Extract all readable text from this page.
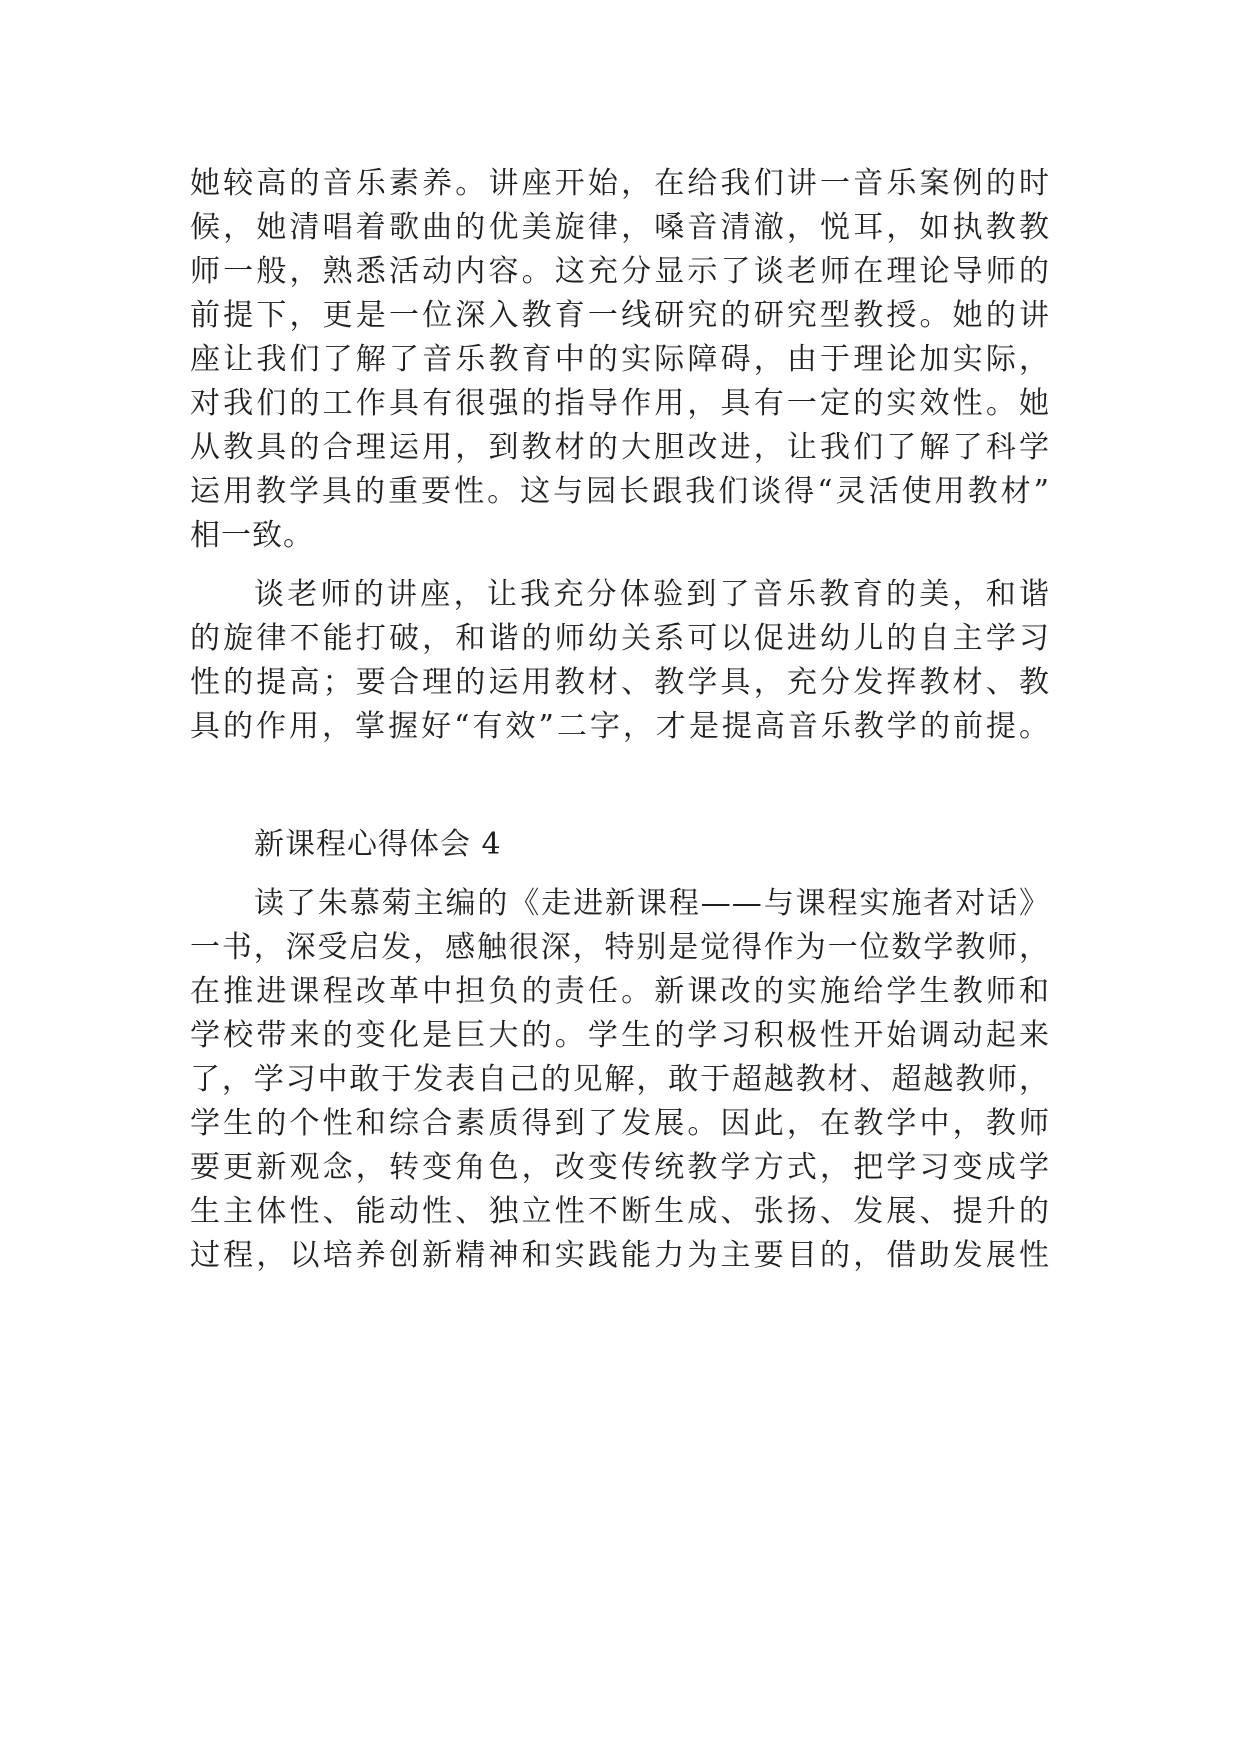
她较高的音乐素养。讲座开始，在给我们讲一音乐案例的时
候，她清唱着歌曲的优美旋律，嗓音清澈，悦耳，如执教教
师一般，熟悉活动内容。这充分显示了谈老师在理论导师的
前提下，更是一位深入教育一线研究的研究型教授。她的讲
座让我们了解了音乐教育中的实际障碍，由于理论加实际，
对我们的工作具有很强的指导作用，具有一定的实效性。她
从教具的合理运用，到教材的大胆改进，让我们了解了科学
运用教学具的重要性。这与园长跟我们谈得“灵活使用教材”
相一致。
谈老师的讲座，让我充分体验到了音乐教育的美，和谐
的旋律不能打破，和谐的师幼关系可以促进幼儿的自主学习
性的提高；要合理的运用教材、教学具，充分发挥教材、教
具的作用，掌握好“有效”二字，才是提高音乐教学的前提。
新课程心得体会 4
读了朱慕菊主编的《走进新课程——与课程实施者对话》
一书，深受启发，感触很深，特别是觉得作为一位数学教师，
在推进课程改革中担负的责任。新课改的实施给学生教师和
学校带来的变化是巨大的。学生的学习积极性开始调动起来
了，学习中敢于发表自己的见解，敢于超越教材、超越教师，
学生的个性和综合素质得到了发展。因此，在教学中，教师
要更新观念，转变角色，改变传统教学方式，把学习变成学
生主体性、能动性、独立性不断生成、张扬、发展、提升的
过程，以培养创新精神和实践能力为主要目的，借助发展性
